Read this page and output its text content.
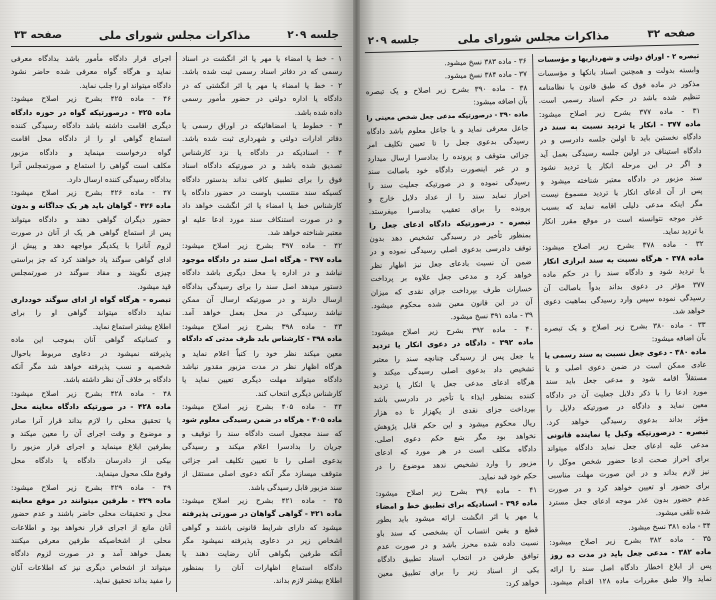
صفحه ۳۳	مذاکرات مجلس شورای ملی	جلسه ۲۰۹
۱ - خط یا امضاء یا مهر یا اثر انگشت در اسناد
رسمی که در دفاتر اسناد رسمی ثبت شده باشد.
۲ - خط یا امضاء یا مهر یا اثر انگشتی که در
دادگاه یا اداره دولتی در حضور مأمور رسمی
داده شده باشد.
۳ - خطوط یا امضاهائیکه در اوراق رسمی یا
دفاتر ادارات دولتی و شهرداری ثبت شده باشد.
۴ - اسنادیکه در دادگاه یا نزد کارشناس
تصدیق شده باشد و در صورتیکه دادگاه اسناد
فوق را برای تطبیق کافی نداند بدستور دادگاه
کسیکه سند منتسب باوست در حضور دادگاه یا
کارشناس خط یا امضاء یا اثر انگشت خواهد داد
و در صورت استنکاف سند مورد ادعا علیه او
معتبر شناخته خواهد شد.
۴۲ - ماده ۳۹۷ بشرح زیر اصلاح میشود:
ماده ۳۹۷ - هرگاه اصل سند در دادگاه موجود
نباشد و در اداره یا محل دیگری باشد دادگاه
دستور میدهد اصل سند را برای رسیدگی بدادگاه
ارسال دارند و در صورتیکه ارسال آن ممکن
نباشد رسیدگی در محل بعمل خواهد آمد.
۴۳ - ماده ۳۹۸ بشرح زیر اصلاح میشود:
ماده ۳۹۸ - کارشناس باید ظرف مدتی که دادگاه
معین میکند نظر خود را کتباً اعلام نماید و
هرگاه اظهار نظر در مدت مزبور مقدور نباشد
دادگاه میتواند مهلت دیگری تعیین نماید یا
کارشناس دیگری انتخاب کند.
۴۴ - ماده ۴۰۵ بشرح زیر اصلاح میشود:
ماده ۴۰۵ - هرگاه در ضمن رسیدگی معلوم شود
که سند مجعول است دادگاه سند را توقیف و
جریان را بدادسرا اعلام میکند و رسیدگی
بدعوی اصلی را تا تعیین تکلیف امر جزائی
متوقف میسازد مگر آنکه دعوی اصلی مستقل از
سند مزبور قابل رسیدگی باشد.
۴۵ - ماده ۴۲۱ بشرح زیر اصلاح میشود:
ماده ۴۲۱ - گواهی گواهان در صورتی پذیرفته
میشود که دارای شرایط قانونی باشند و گواهی
اشخاص زیر در دعاوی پذیرفته نمیشود مگر
آنکه طرفین بگواهی آنان رضایت دهند یا
دادگاه استماع اظهارات آنان را بمنظور
اطلاع بیشتر لازم بداند.
اجرای قرار دادگاه مأمور باشد بدادگاه معرفی
نماید و هرگاه گواه معرفی شده حاضر نشود
دادگاه میتواند او را جلب نماید.
۴۶ - ماده ۴۲۵ بشرح زیر اصلاح میشود:
ماده ۴۲۵ - درصورتیکه گواه در حوزه دادگاه
دیگری اقامت داشته باشد دادگاه رسیدگی کننده
استماع گواهی او را از دادگاه محل اقامت
گواه درخواست مینماید و دادگاه مزبور
مکلف است گواهی را استماع و صورتمجلس آنرا
بدادگاه رسیدگی کننده ارسال دارد.
۴۷ - ماده ۴۲۶ بشرح زیر اصلاح میشود:
ماده ۴۲۶ - گواهان باید هر یک جداگانه و بدون
حضور دیگران گواهی دهند و دادگاه میتواند
پس از استماع گواهی هر یک از آنان در صورت
لزوم آنانرا با یکدیگر مواجهه دهد و پیش از
ادای گواهی سوگند یاد خواهند کرد که جز براستی
چیزی نگویند و مفاد سوگند در صورتمجلس
قید میشود.
تبصره - هرگاه گواه از ادای سوگند خودداری
نماید دادگاه میتواند گواهی او را برای
اطلاع بیشتر استماع نماید.
و کسانیکه گواهی آنان بموجب این ماده
پذیرفته نمیشود در دعاوی مربوط باحوال
شخصیه و نسب پذیرفته خواهد شد مگر آنکه
دادگاه بر خلاف آن نظر داشته باشد.
۴۸ - ماده ۴۲۸ بشرح زیر اصلاح میشود:
ماده ۴۲۸ - در صورتیکه دادگاه معاینه محل
یا تحقیق محلی را لازم بداند قرار آنرا صادر
و موضوع و وقت اجرای آن را معین میکند و
بطرفین ابلاغ مینماید و اجرای قرار مزبور را
بیکی از دادرسان دادگاه یا دادگاه محل
وقوع ملک محول مینماید.
۴۹ - ماده ۴۲۹ بشرح زیر اصلاح میشود:
ماده ۴۲۹ - طرفین میتوانند در موقع معاینه
محل و تحقیقات محلی حاضر باشند و عدم حضور
آنان مانع از اجرای قرار نخواهد بود و اطلاعات
محلی از اشخاصیکه طرفین معرفی میکنند
بعمل خواهد آمد و در صورت لزوم دادگاه
میتواند از اشخاص دیگری نیز که اطلاعات آنان
را مفید بداند تحقیق نماید.
جلسه ۲۰۹	مذاکرات مجلس شورای ملی	صفحه ۳۲
تبصره ۲ - اوراق دولتی و شهرداریها و مؤسسات
وابسته بدولت و همچنین اسناد بانکها و مؤسسات
مذکور در ماده فوق که طبق قانون یا نظامنامه
تنظیم شده باشد در حکم اسناد رسمی است.
۳۱ - ماده ۳۷۷ بشرح زیر اصلاح میشود:
ماده ۳۷۷ - انکار یا تردید نسبت به سند در
دادگاه نخستین باید تا اولین جلسه دادرسی و در
دادگاه استیناف در اولین جلسه رسیدگی بعمل آید
و اگر در این مرحله انکار یا تردید نشود
سند مزبور در دادگاه معتبر شناخته میشود و
پس از آن ادعای انکار یا تردید مسموع نیست
مگر اینکه مدعی دلیلی اقامه نماید که بسبب
عذر موجه نتوانسته است در موقع مقرر انکار
یا تردید نماید.
۳۲ - ماده ۳۷۸ بشرح زیر اصلاح میشود:
ماده ۳۷۸ - هرگاه نسبت به سند ابرازی انکار
یا تردید شود و دادگاه سند را در حکم ماده
۳۷۷ مؤثر در دعوی بداند بدواً باصالت آن
رسیدگی نموده سپس وارد رسیدگی بماهیت دعوی
خواهد شد.
۳۳ - ماده ۳۸۰ بشرح زیر اصلاح و یک تبصره
بآن اضافه میشود:
ماده ۳۸۰ - دعوی جعل نسبت به سند رسمی یا
عادی ممکن است در ضمن دعوی اصلی و یا
مستقلاً اقامه شود و مدعی جعل باید سند
مورد ادعا را با ذکر دلایل جعلیت آن در دادگاه
معین نماید و دادگاه در صورتیکه دلایل را
مؤثر بداند بدعوی رسیدگی خواهد کرد.
تبصره - درصورتیکه وکیل یا نماینده قانونی
مدعی علیه ادعای جعل نماید دادگاه میتواند
برای احراز صحت ادعا حضور شخص موکل را
نیز لازم بداند و در این صورت مهلت مناسبی
برای حضور او تعیین خواهد کرد و در صورت
عدم حضور بدون عذر موجه ادعای جعل مسترد
شده تلقی میشود.
۳۴ - ماده ۳۸۱ نسخ میشود.
۳۵ - ماده ۳۸۲ بشرح زیر اصلاح میشود:
ماده ۳۸۲ - مدعی جعل باید در مدت ده روز
پس از ابلاغ اخطار دادگاه اصل سند را ارائه
نماید والا طبق مقررات ماده ۱۲۸ اقدام میشود.
۳۶ - ماده ۳۸۳ نسخ میشود.
۳۷ - ماده ۳۸۴ نسخ میشود.
۳۸ - ماده ۳۹۰ بشرح زیر اصلاح و یک تبصره
بآن اضافه میشود:
ماده ۳۹۰ - درصورتیکه مدعی جعل شخص معینی را
جاعل معرفی نماید و یا جاعل معلوم باشد دادگاه
رسیدگی بدعوی جعل را تا تعیین تکلیف امر
جزائی متوقف و پرونده را بدادسرا ارسال میدارد
و در غیر اینصورت دادگاه خود باصالت سند
رسیدگی نموده و در صورتیکه جعلیت سند را
احراز نماید سند را از عداد دلایل خارج و
پرونده را برای تعقیب بدادسرا میفرستد.
تبصره - درصورتیکه دادگاه ادعای جعل را
بمنظور تأخیر در رسیدگی تشخیص دهد بدون
توقف دادرسی بدعوی اصلی رسیدگی نموده و در
ضمن آن نسبت بادعای جعل نیز اظهار نظر
خواهد کرد و مدعی جعل علاوه بر پرداخت
خسارات طرف بپرداخت جزای نقدی که میزان
آن در این قانون معین شده محکوم میشود.
۳۹ - ماده ۳۹۱ نسخ میشود.
۴۰ - ماده ۳۹۲ بشرح زیر اصلاح میشود:
ماده ۳۹۲ - دادگاه در دعوی انکار یا تردید
یا جعل پس از رسیدگی چنانچه سند را معتبر
تشخیص داد بدعوی اصلی رسیدگی میکند و
هرگاه ادعای مدعی جعل یا انکار یا تردید
کننده بمنظور ایذاء یا تأخیر در دادرسی باشد
بپرداخت جزای نقدی از یکهزار تا ده هزار
ریال محکوم میشود و این حکم قابل پژوهش
نخواهد بود مگر بتبع حکم دعوی اصلی.
دادگاه مکلف است در هر مورد که ادعای
مزبور را وارد تشخیص ندهد موضوع را در
حکم خود قید نماید.
۴۱ - ماده ۳۹۶ بشرح زیر اصلاح میشود:
ماده ۳۹۶ - اسنادیکه برای تطبیق خط و امضاء
یا مهر یا اثر انگشت ارائه میشود باید بطور
قطع و یقین انتساب آن بشخصی که سند باو
نسبت داده شده محرز باشد و در صورت عدم
توافق طرفین در انتخاب اسناد تطبیق دادگاه
یکی از اسناد زیر را برای تطبیق معین
خواهد کرد:
